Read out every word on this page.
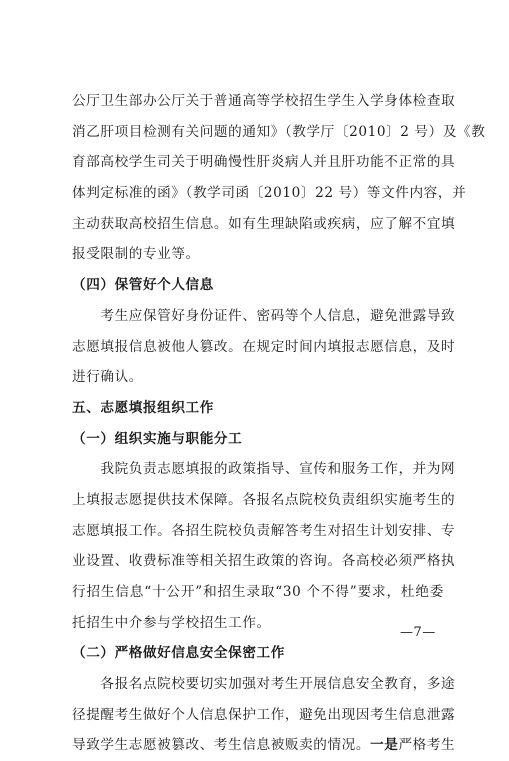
公厅卫生部办公厅关于普通高等学校招生学生入学身体检查取
消乙肝项目检测有关问题的通知》（教学厅〔2010〕2 号）及《教
育部高校学生司关于明确慢性肝炎病人并且肝功能不正常的具
体判定标准的函》（教学司函〔2010〕22 号）等文件内容，并
主动获取高校招生信息。如有生理缺陷或疾病，应了解不宜填
报受限制的专业等。
（四）保管好个人信息
　　考生应保管好身份证件、密码等个人信息，避免泄露导致
志愿填报信息被他人篡改。在规定时间内填报志愿信息，及时
进行确认。
五、志愿填报组织工作
（一）组织实施与职能分工
　　我院负责志愿填报的政策指导、宣传和服务工作，并为网
上填报志愿提供技术保障。各报名点院校负责组织实施考生的
志愿填报工作。各招生院校负责解答考生对招生计划安排、专
业设置、收费标准等相关招生政策的咨询。各高校必须严格执
行招生信息“十公开”和招生录取“30 个不得”要求，杜绝委
托招生中介参与学校招生工作。
（二）严格做好信息安全保密工作
　　各报名点院校要切实加强对考生开展信息安全教育，多途
径提醒考生做好个人信息保护工作，避免出现因考生信息泄露
导致学生志愿被篡改、考生信息被贩卖的情况。一是严格考生
—7—
